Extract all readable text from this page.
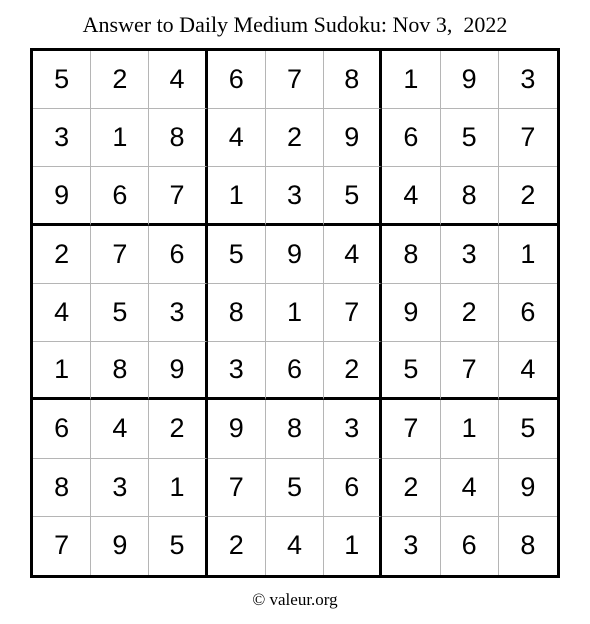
Answer to Daily Medium Sudoku: Nov 3,  2022
5	2	4	6	7	8	1	9	3
3	1	8	4	2	9	6	5	7
9	6	7	1	3	5	4	8	2
2	7	6	5	9	4	8	3	1
4	5	3	8	1	7	9	2	6
1	8	9	3	6	2	5	7	4
6	4	2	9	8	3	7	1	5
8	3	1	7	5	6	2	4	9
7	9	5	2	4	1	3	6	8
© valeur.org
